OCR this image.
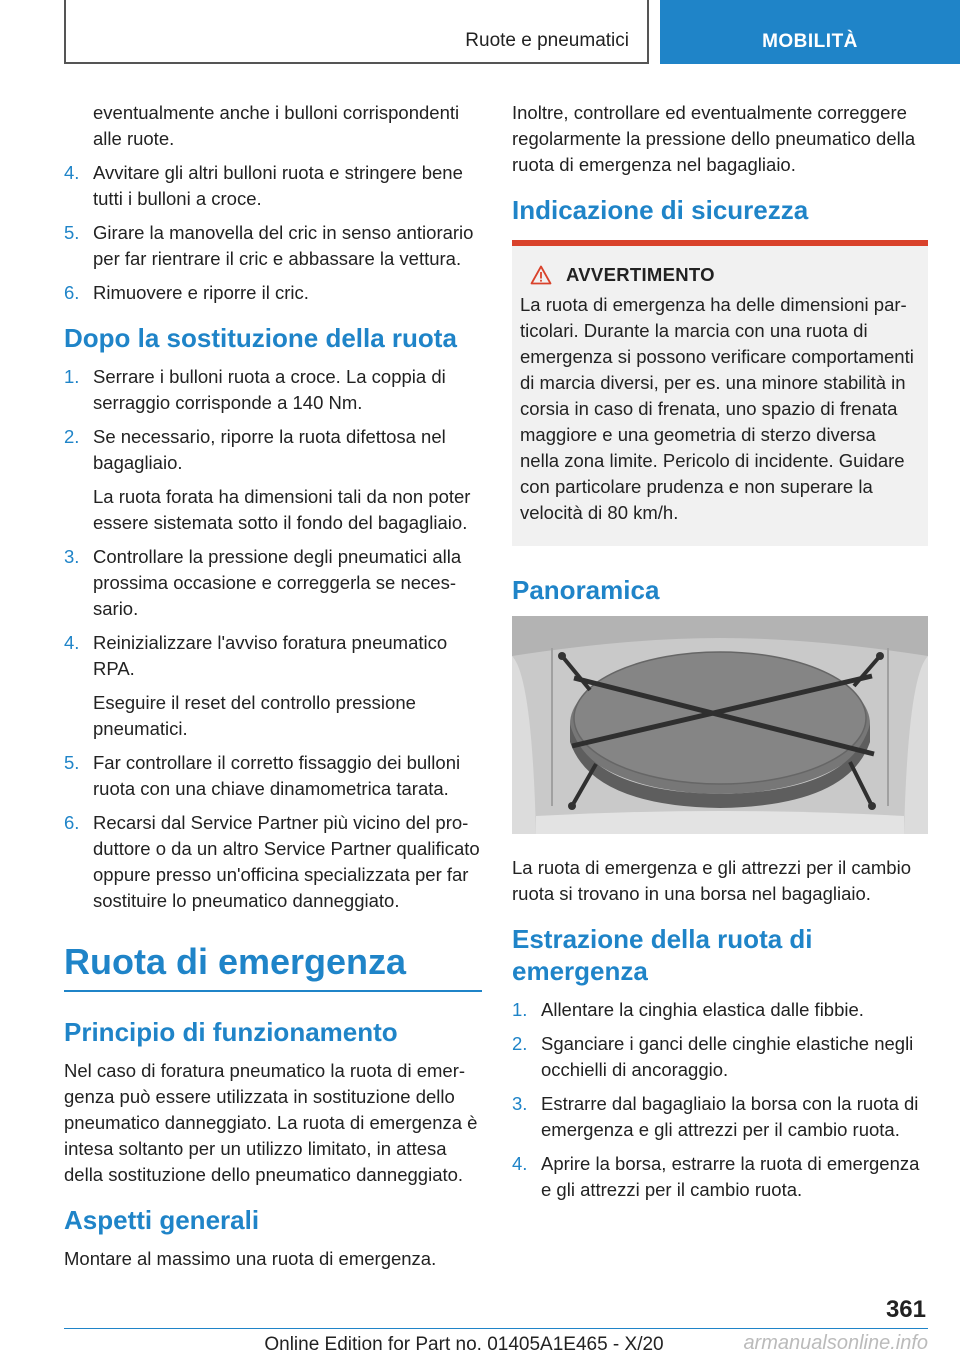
Ruote e pneumatici	MOBILITÀ

eventualmente anche i bulloni corrispondenti alle ruote.

4. Avvitare gli altri bulloni ruota e stringere bene tutti i bulloni a croce.
5. Girare la manovella del cric in senso antiorario per far rientrare il cric e abbassare la vettura.
6. Rimuovere e riporre il cric.
Dopo la sostituzione della ruota
1. Serrare i bulloni ruota a croce. La coppia di serraggio corrisponde a 140 Nm.
2. Se necessario, riporre la ruota difettosa nel bagagliaio.
La ruota forata ha dimensioni tali da non poter essere sistemata sotto il fondo del bagagliaio.
3. Controllare la pressione degli pneumatici alla prossima occasione e correggerla se necessario.
4. Reinizializzare l'avviso foratura pneumatico RPA.
Eseguire il reset del controllo pressione pneumatici.
5. Far controllare il corretto fissaggio dei bulloni ruota con una chiave dinamometrica tarata.
6. Recarsi dal Service Partner più vicino del produttore o da un altro Service Partner qualificato oppure presso un'officina specializzata per far sostituire lo pneumatico danneggiato.
Ruota di emergenza
Principio di funzionamento

Nel caso di foratura pneumatico la ruota di emergenza può essere utilizzata in sostituzione dello pneumatico danneggiato. La ruota di emergenza è intesa soltanto per un utilizzo limitato, in attesa della sostituzione dello pneumatico danneggiato.

Aspetti generali

Montare al massimo una ruota di emergenza.

Inoltre, controllare ed eventualmente correggere regolarmente la pressione dello pneumatico della ruota di emergenza nel bagagliaio.

Indicazione di sicurezza
AVVERTIMENTO
La ruota di emergenza ha delle dimensioni particolari. Durante la marcia con una ruota di emergenza si possono verificare comportamenti di marcia diversi, per es. una minore stabilità in corsia in caso di frenata, uno spazio di frenata maggiore e una geometria di sterzo diversa nella zona limite. Pericolo di incidente. Guidare con particolare prudenza e non superare la velocità di 80 km/h.
Panoramica

La ruota di emergenza e gli attrezzi per il cambio ruota si trovano in una borsa nel bagagliaio.

Estrazione della ruota di emergenza
1. Allentare la cinghia elastica dalle fibbie.
2. Sganciare i ganci delle cinghie elastiche negli occhielli di ancoraggio.
3. Estrarre dal bagagliaio la borsa con la ruota di emergenza e gli attrezzi per il cambio ruota.
4. Aprire la borsa, estrarre la ruota di emergenza e gli attrezzi per il cambio ruota.
361
Online Edition for Part no. 01405A1E465 - X/20	armanualsonline.info
